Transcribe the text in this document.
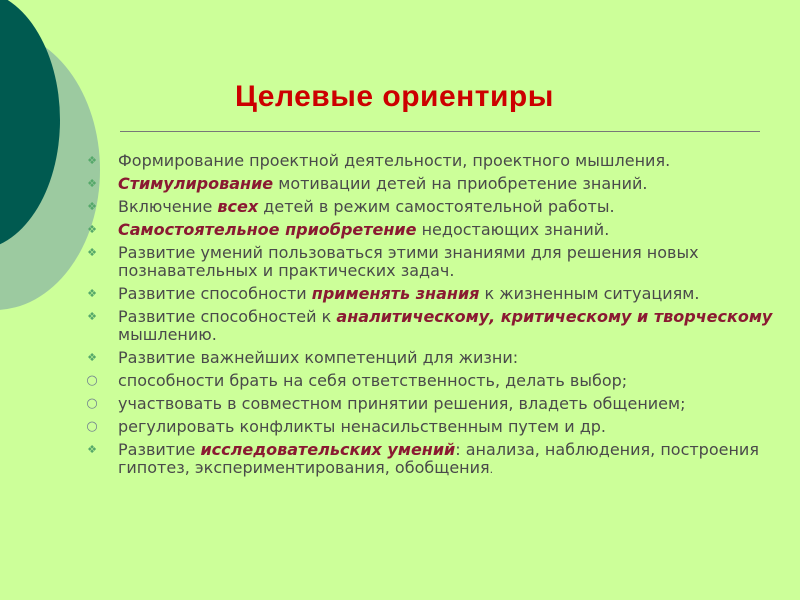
Целевые ориентиры
❖	Формирование проектной деятельности, проектного мышления.
❖	Стимулирование мотивации детей на приобретение знаний.
❖	Включение всех детей в режим самостоятельной работы.
❖	Самостоятельное приобретение недостающих знаний.
❖	Развитие умений пользоваться этими знаниями для решения новых познавательных и практических задач.
❖	Развитие способности применять знания к жизненным ситуациям.
❖	Развитие способностей к аналитическому, критическому и творческому мышлению.
❖	Развитие важнейших компетенций для жизни:
○ способности брать на себя ответственность, делать выбор;
○ участвовать в совместном принятии решения, владеть общением;
○ регулировать конфликты ненасильственным путем и др.
❖	Развитие исследовательских умений: анализа, наблюдения, построения гипотез, экспериментирования, обобщения.
